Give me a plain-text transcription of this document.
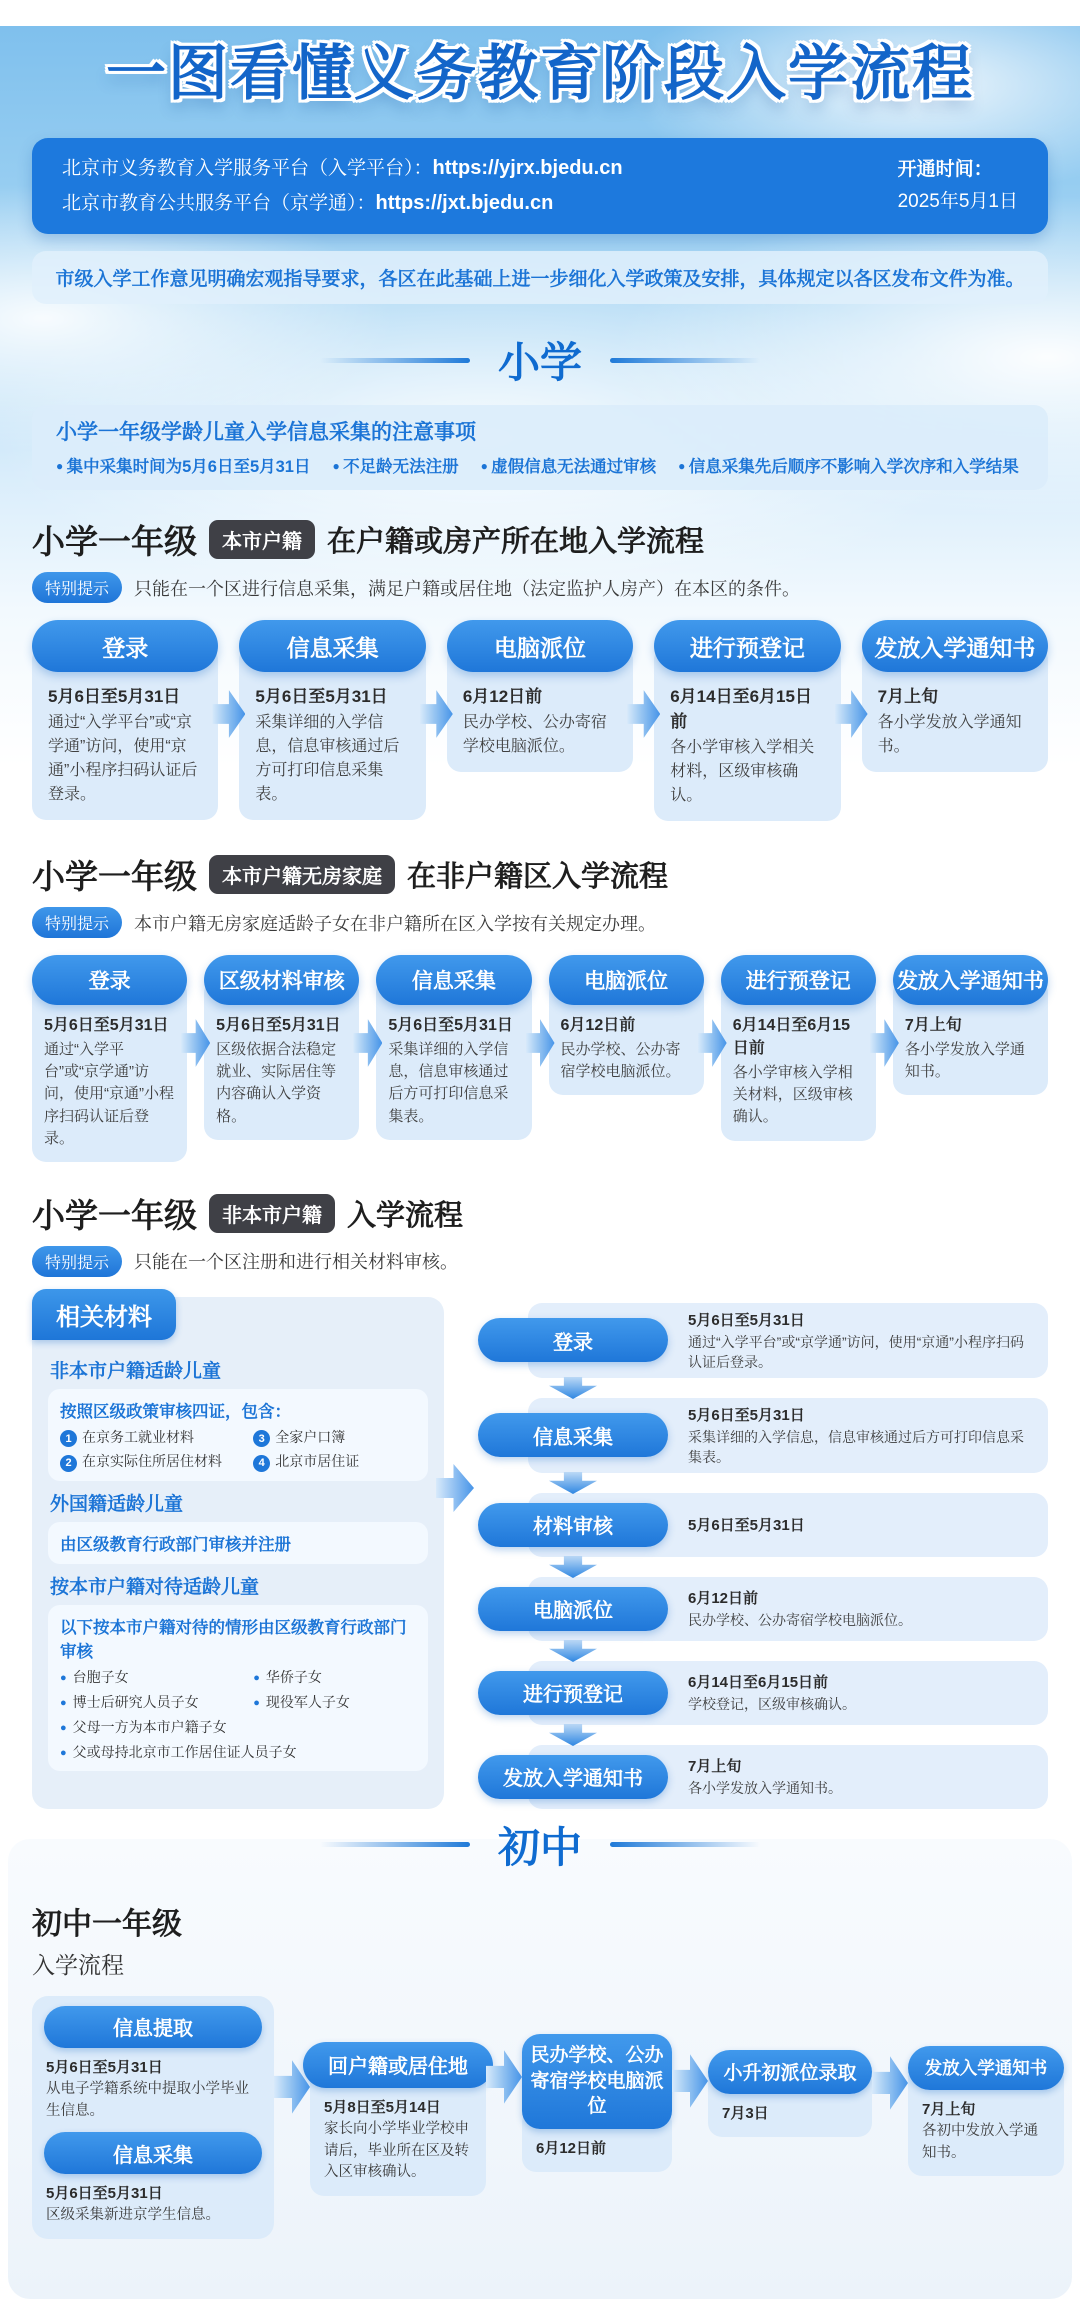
一图看懂义务教育阶段入学流程
北京市义务教育入学服务平台（入学平台）：https://yjrx.bjedu.cn
北京市教育公共服务平台（京学通）：https://jxt.bjedu.cn
开通时间：
2025年5月1日
市级入学工作意见明确宏观指导要求，各区在此基础上进一步细化入学政策及安排，具体规定以各区发布文件为准。
小学
小学一年级学龄儿童入学信息采集的注意事项
● 集中采集时间为5月6日至5月31日	● 不足龄无法注册	● 虚假信息无法通过审核	● 信息采集先后顺序不影响入学次序和入学结果
小学一年级	本市户籍 在户籍或房产所在地入学流程
特别提示	只能在一个区进行信息采集，满足户籍或居住地（法定监护人房产）在本区的条件。
登录
5月6日至5月31日
通过“入学平台”或“京学通”访问，使用“京通”小程序扫码认证后登录。
信息采集
5月6日至5月31日
采集详细的入学信息，信息审核通过后方可打印信息采集表。
电脑派位
6月12日前
民办学校、公办寄宿学校电脑派位。
进行预登记
6月14日至6月15日前
各小学审核入学相关材料，区级审核确认。
发放入学通知书
7月上旬
各小学发放入学通知书。
小学一年级	本市户籍无房家庭 在非户籍区入学流程
特别提示	本市户籍无房家庭适龄子女在非户籍所在区入学按有关规定办理。
登录
5月6日至5月31日
通过“入学平台”或“京学通”访问，使用“京通”小程序扫码认证后登录。
区级材料审核
5月6日至5月31日
区级依据合法稳定就业、实际居住等内容确认入学资格。
信息采集
5月6日至5月31日
采集详细的入学信息，信息审核通过后方可打印信息采集表。
电脑派位
6月12日前
民办学校、公办寄宿学校电脑派位。
进行预登记
6月14日至6月15日前
各小学审核入学相关材料，区级审核确认。
发放入学通知书
7月上旬
各小学发放入学通知书。
小学一年级	非本市户籍 入学流程
特别提示	只能在一个区注册和进行相关材料审核。
相关材料
非本市户籍适龄儿童
按照区级政策审核四证，包含：
1 在京务工就业材料	3 全家户口簿
2 在京实际住所居住材料	4 北京市居住证
外国籍适龄儿童
由区级教育行政部门审核并注册
按本市户籍对待适龄儿童
以下按本市户籍对待的情形由区级教育行政部门审核
● 台胞子女	● 华侨子女
● 博士后研究人员子女	● 现役军人子女
● 父母一方为本市户籍子女
● 父或母持北京市工作居住证人员子女
登录
5月6日至5月31日
通过“入学平台”或“京学通”访问，使用“京通”小程序扫码认证后登录。
信息采集
5月6日至5月31日
采集详细的入学信息，信息审核通过后方可打印信息采集表。
材料审核	5月6日至5月31日
电脑派位
6月12日前
民办学校、公办寄宿学校电脑派位。
进行预登记
6月14日至6月15日前
学校登记，区级审核确认。
发放入学通知书
7月上旬
各小学发放入学通知书。
初中
初中一年级
入学流程
信息提取
5月6日至5月31日
从电子学籍系统中提取小学毕业生信息。
信息采集
5月6日至5月31日
区级采集新进京学生信息。
回户籍或居住地
5月8日至5月14日
家长向小学毕业学校申请后，毕业所在区及转入区审核确认。
民办学校、公办寄宿学校电脑派位
6月12日前
小升初派位录取
7月3日
发放入学通知书
7月上旬
各初中发放入学通知书。
